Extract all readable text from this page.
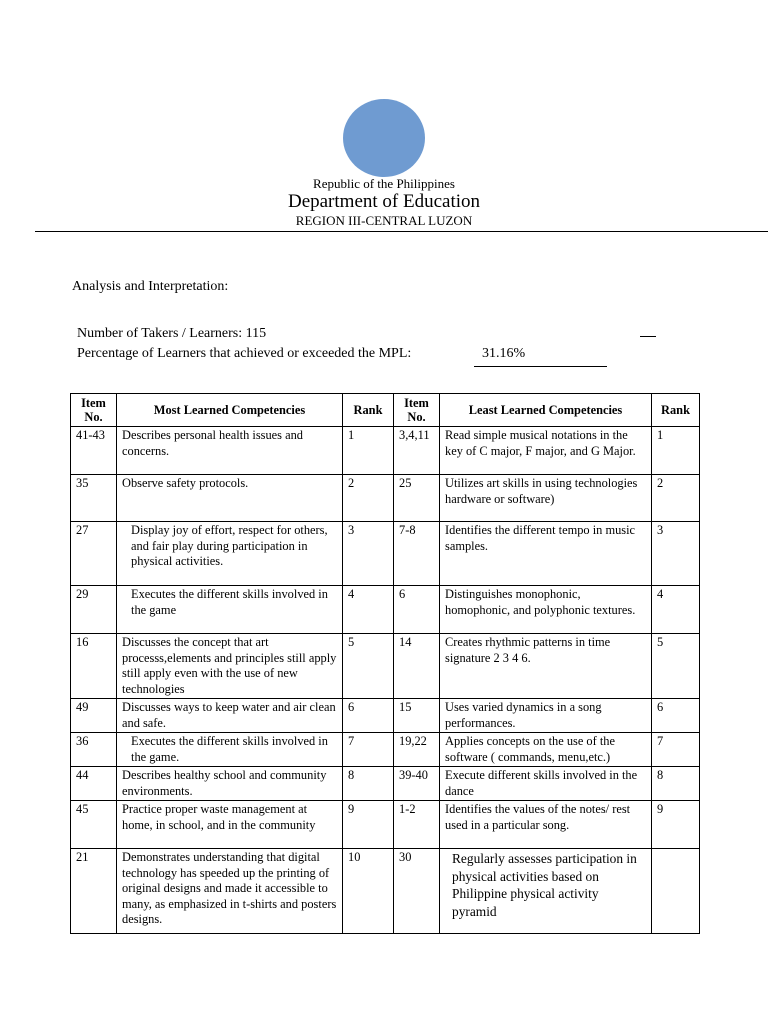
Republic of the Philippines
Department of Education
REGION III-CENTRAL LUZON
Analysis and Interpretation:
Number of Takers / Learners: 115
Percentage of Learners that achieved or exceeded the MPL:	31.16%
Item No.	Most Learned Competencies	Rank	Item No.	Least Learned Competencies	Rank
41-43	Describes personal health issues and concerns.	1	3,4,11	Read simple musical notations in the key of C major, F major, and G Major.	1
35	Observe safety protocols.	2	25	Utilizes art skills in using technologies hardware or software)	2
27	Display joy of effort, respect for others, and fair play during participation in physical activities.	3	7-8	Identifies the different tempo in music samples.	3
29	Executes the different skills involved in the game	4	6	Distinguishes monophonic, homophonic, and polyphonic textures.	4
16	Discusses the concept that art processs,elements and principles still apply still apply even with the use of new technologies	5	14	Creates rhythmic patterns in time signature 2 3 4 6.	5
49	Discusses ways to keep water and air clean and safe.	6	15	Uses varied dynamics in a song performances.	6
36	Executes the different skills involved in the game.	7	19,22	Applies concepts on the use of the software ( commands, menu,etc.)	7
44	Describes healthy school and community environments.	8	39-40	Execute different skills involved in the dance	8
45	Practice proper waste management at home, in school, and in the community	9	1-2	Identifies the values of the notes/ rest used in a particular song.	9
21	Demonstrates understanding that digital technology has speeded up the printing of original designs and made it accessible to many, as emphasized in t-shirts and posters designs.	10	30	Regularly assesses participation in physical activities based on Philippine physical activity pyramid	
